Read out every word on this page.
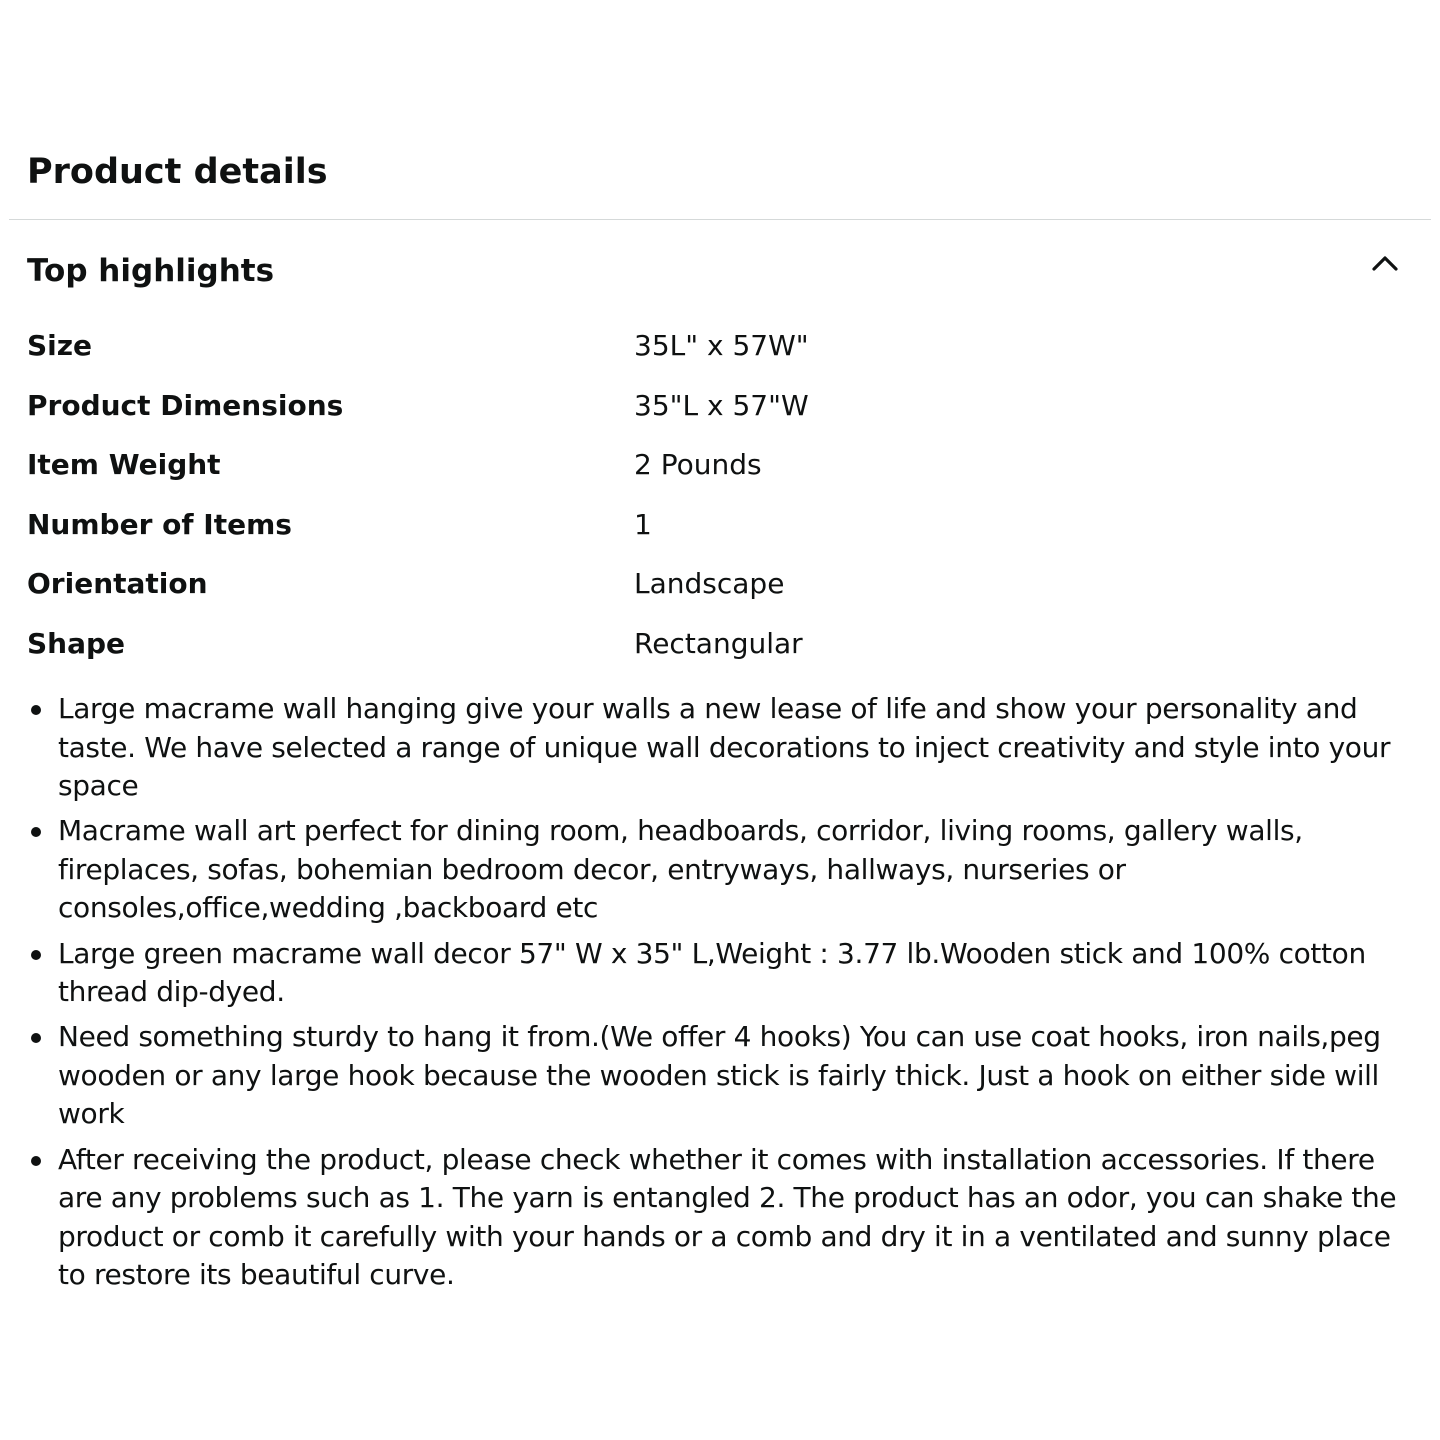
Product details
Top highlights
Size	35L" x 57W"
Product Dimensions	35"L x 57"W
Item Weight	2 Pounds
Number of Items	1
Orientation	Landscape
Shape	Rectangular
Large macrame wall hanging give your walls a new lease of life and show your personality and taste. We have selected a range of unique wall decorations to inject creativity and style into your space
Macrame wall art perfect for dining room, headboards, corridor, living rooms, gallery walls, fireplaces, sofas, bohemian bedroom decor, entryways, hallways, nurseries or consoles,office,wedding ,backboard etc
Large green macrame wall decor 57" W x 35" L,Weight : 3.77 lb.Wooden stick and 100% cotton thread dip-dyed.
Need something sturdy to hang it from.(We offer 4 hooks) You can use coat hooks, iron nails,peg wooden or any large hook because the wooden stick is fairly thick. Just a hook on either side will work
After receiving the product, please check whether it comes with installation accessories. If there are any problems such as 1. The yarn is entangled 2. The product has an odor, you can shake the product or comb it carefully with your hands or a comb and dry it in a ventilated and sunny place to restore its beautiful curve.
